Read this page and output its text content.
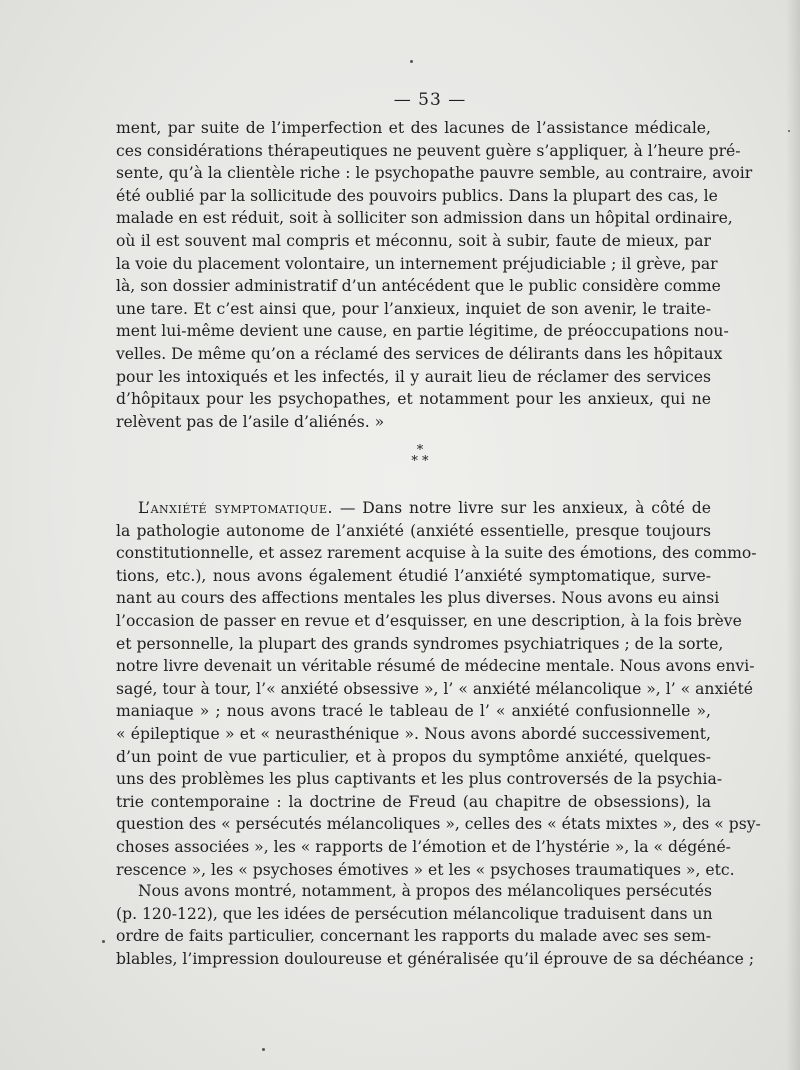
— 53 —
ment, par suite de l’imperfection et des lacunes de l’assistance médicale,
ces considérations thérapeutiques ne peuvent guère s’appliquer, à l’heure pré-
sente, qu’à la clientèle riche : le psychopathe pauvre semble, au contraire, avoir
été oublié par la sollicitude des pouvoirs publics. Dans la plupart des cas, le
malade en est réduit, soit à solliciter son admission dans un hôpital ordinaire,
où il est souvent mal compris et méconnu, soit à subir, faute de mieux, par
la voie du placement volontaire, un internement préjudiciable ; il grève, par
là, son dossier administratif d’un antécédent que le public considère comme
une tare. Et c’est ainsi que, pour l’anxieux, inquiet de son avenir, le traite-
ment lui-même devient une cause, en partie légitime, de préoccupations nou-
velles. De même qu’on a réclamé des services de délirants dans les hôpitaux
pour les intoxiqués et les infectés, il y aurait lieu de réclamer des services
d’hôpitaux pour les psychopathes, et notamment pour les anxieux, qui ne
relèvent pas de l’asile d’aliénés. »
*
* *
L’anxiété symptomatique. — Dans notre livre sur les anxieux, à côté de
la pathologie autonome de l’anxiété (anxiété essentielle, presque toujours
constitutionnelle, et assez rarement acquise à la suite des émotions, des commo-
tions, etc.), nous avons également étudié l’anxiété symptomatique, surve-
nant au cours des affections mentales les plus diverses. Nous avons eu ainsi
l’occasion de passer en revue et d’esquisser, en une description, à la fois brève
et personnelle, la plupart des grands syndromes psychiatriques ; de la sorte,
notre livre devenait un véritable résumé de médecine mentale. Nous avons envi-
sagé, tour à tour, l’« anxiété obsessive », l’ « anxiété mélancolique », l’ « anxiété
maniaque » ; nous avons tracé le tableau de l’ « anxiété confusionnelle »,
« épileptique » et « neurasthénique ». Nous avons abordé successivement,
d’un point de vue particulier, et à propos du symptôme anxiété, quelques-
uns des problèmes les plus captivants et les plus controversés de la psychia-
trie contemporaine : la doctrine de Freud (au chapitre de obsessions), la
question des « persécutés mélancoliques », celles des « états mixtes », des « psy-
choses associées », les « rapports de l’émotion et de l’hystérie », la « dégéné-
rescence », les « psychoses émotives » et les « psychoses traumatiques », etc.
Nous avons montré, notamment, à propos des mélancoliques persécutés
(p. 120-122), que les idées de persécution mélancolique traduisent dans un
ordre de faits particulier, concernant les rapports du malade avec ses sem-
blables, l’impression douloureuse et généralisée qu’il éprouve de sa déchéance ;
